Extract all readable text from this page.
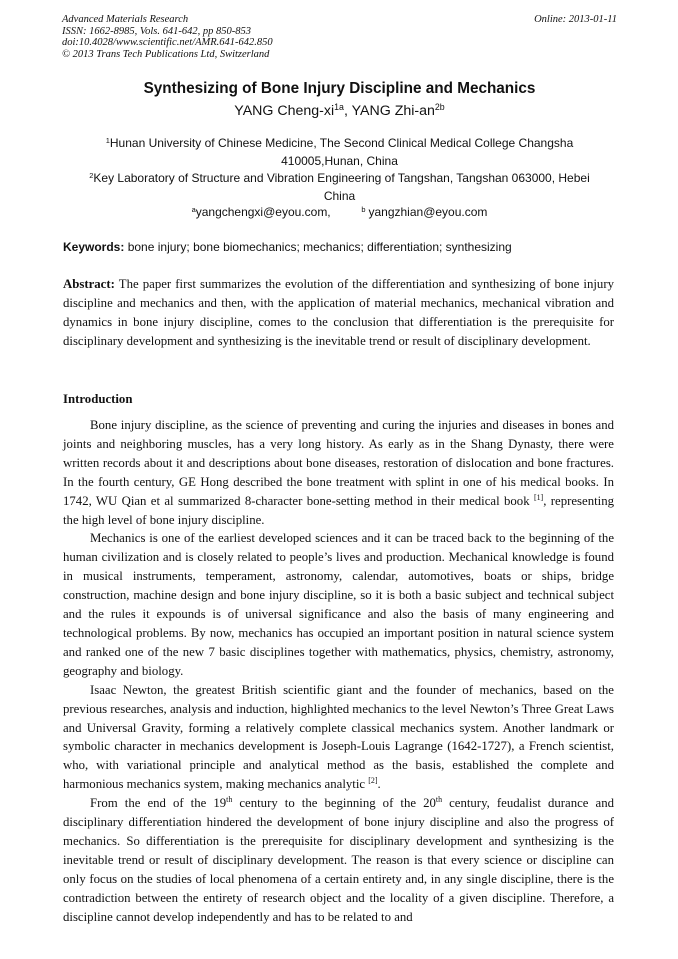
Advanced Materials Research
ISSN: 1662-8985, Vols. 641-642, pp 850-853
doi:10.4028/www.scientific.net/AMR.641-642.850
© 2013 Trans Tech Publications Ltd, Switzerland
Online: 2013-01-11
Synthesizing of Bone Injury Discipline and Mechanics
YANG Cheng-$xi^{1a}$, YANG Zhi-$an^{2b}$
$^1$Hunan University of Chinese Medicine, The Second Clinical Medical College Changsha
410005,Hunan, China
$^2$Key Laboratory of Structure and Vibration Engineering of Tangshan, Tangshan 063000, Hebei
China
$^a$yangchengxi@eyou.com,	$^b$ yangzhian@eyou.com
Keywords: bone injury; bone biomechanics; mechanics; differentiation; synthesizing

Abstract: The paper first summarizes the evolution of the differentiation and synthesizing of bone injury discipline and mechanics and then, with the application of material mechanics, mechanical vibration and dynamics in bone injury discipline, comes to the conclusion that differentiation is the prerequisite for disciplinary development and synthesizing is the inevitable trend or result of disciplinary development.

Introduction

Bone injury discipline, as the science of preventing and curing the injuries and diseases in bones and joints and neighboring muscles, has a very long history. As early as in the Shang Dynasty, there were written records about it and descriptions about bone diseases, restoration of dislocation and bone fractures. In the fourth century, GE Hong described the bone treatment with splint in one of his medical books. In 1742, WU Qian et al summarized 8-character bone-setting method in their medical book [1], representing the high level of bone injury discipline.

Mechanics is one of the earliest developed sciences and it can be traced back to the beginning of the human civilization and is closely related to people’s lives and production. Mechanical knowledge is found in musical instruments, temperament, astronomy, calendar, automotives, boats or ships, bridge construction, machine design and bone injury discipline, so it is both a basic subject and technical subject and the rules it expounds is of universal significance and also the basis of many engineering and technological problems. By now, mechanics has occupied an important position in natural science system and ranked one of the new 7 basic disciplines together with mathematics, physics, chemistry, astronomy, geography and biology.

Isaac Newton, the greatest British scientific giant and the founder of mechanics, based on the previous researches, analysis and induction, highlighted mechanics to the level Newton’s Three Great Laws and Universal Gravity, forming a relatively complete classical mechanics system. Another landmark or symbolic character in mechanics development is Joseph-Louis Lagrange (1642-1727), a French scientist, who, with variational principle and analytical method as the basis, established the complete and harmonious mechanics system, making mechanics analytic [2].

From the end of the 19th century to the beginning of the 20th century, feudalist durance and disciplinary differentiation hindered the development of bone injury discipline and also the progress of mechanics. So differentiation is the prerequisite for disciplinary development and synthesizing is the inevitable trend or result of disciplinary development. The reason is that every science or discipline can only focus on the studies of local phenomena of a certain entirety and, in any single discipline, there is the contradiction between the entirety of research object and the locality of a given discipline. Therefore, a discipline cannot develop independently and has to be related to and
